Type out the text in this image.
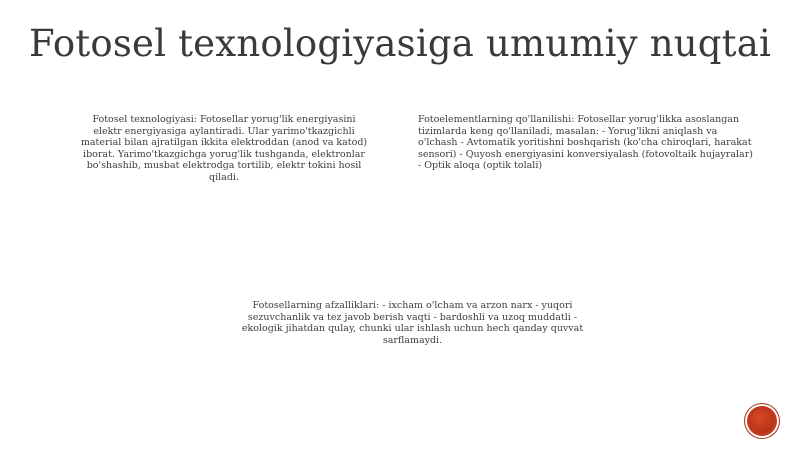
Fotosel texnologiyasiga umumiy nuqtai
Fotosel texnologiyasi: Fotosellar yorug'lik energiyasini elektr energiyasiga aylantiradi. Ular yarimo'tkazgichli material bilan ajratilgan ikkita elektroddan (anod va katod) iborat. Yarimo'tkazgichga yorug'lik tushganda, elektronlar bo'shashib, musbat elektrodga tortilib, elektr tokini hosil qiladi.
Fotoelementlarning qo'llanilishi: Fotosellar yorug'likka asoslangan tizimlarda keng qo'llaniladi, masalan: - Yorug'likni aniqlash va o'lchash - Avtomatik yoritishni boshqarish (ko'cha chiroqlari, harakat sensori) - Quyosh energiyasini konversiyalash (fotovoltaik hujayralar) - Optik aloqa (optik tolali)
Fotosellarning afzalliklari: - ixcham o'lcham va arzon narx - yuqori sezuvchanlik va tez javob berish vaqti - bardoshli va uzoq muddatli - ekologik jihatdan qulay, chunki ular ishlash uchun hech qanday quvvat sarflamaydi.
